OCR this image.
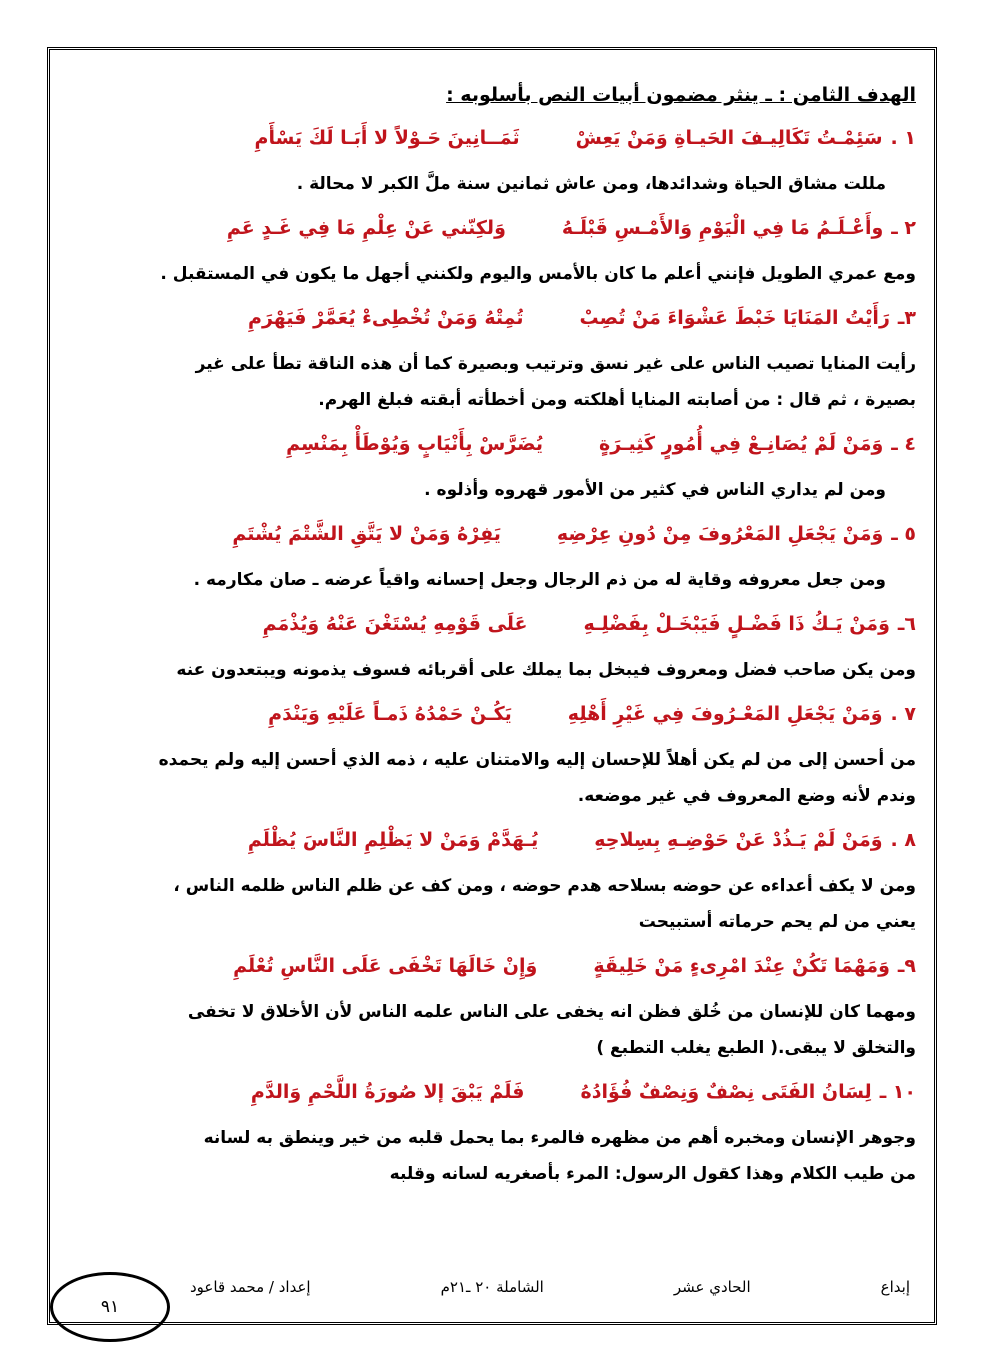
الهدف الثامن : ـ ينثر مضمون أبيات النص بأسلوبه :
١ .
سَئِمْـتُ تَكَالِيـفَ الحَيـاةِ وَمَنْ يَعِشْ
ثَمَــانِينَ حَـوْلاً لا أَبَـا لَكَ يَسْأَمِ
مللت مشاق الحياة وشدائدها، ومن عاش ثمانين سنة ملَّ الكبر لا محالة .
٢ ـ
وأَعْـلَـمُ مَا فِي الْيَوْمِ وَالأَمْـسِ قَبْلَـهُ
وَلكِنّني عَنْ عِلْمِ مَا فِي غَـدٍ عَمِ
ومع عمري الطويل فإنني أعلم ما كان بالأمس واليوم ولكنني أجهل ما يكون في المستقبل .
٣ـ
رَأَيْتُ المَنَايَا خَبْطَ عَشْوَاءَ مَنْ تُصِبْ
تُمِتْهُ وَمَنْ تُخْطِىءْ يُعَمَّرْ فَيَهْرَمِ
رأيت المنايا تصيب الناس على غير نسق وترتيب وبصيرة كما أن هذه الناقة تطأ على غير
بصيرة ، ثم قال : من أصابته المنايا أهلكته ومن أخطأته أبقته فبلغ الهرم.
٤ ـ
وَمَنْ لَمْ يُصَانِـعْ فِي أُمُورٍ كَثِيـرَةٍ
يُضَرَّسْ بِأَنْيَابٍ وَيُوْطَأْ بِمَنْسِمِ
ومن لم يداري الناس في كثير من الأمور قهروه وأذلوه .
٥ ـ
وَمَنْ يَجْعَلِ المَعْرُوفَ مِنْ دُونِ عِرْضِهِ
يَفِرْهُ وَمَنْ لا يَتَّقِ الشَّتْمَ يُشْتَمِ
ومن جعل معروفه وقاية له من ذم الرجال وجعل إحسانه واقياً عرضه ـ صان مكارمه .
٦ـ
وَمَنْ يَـكُ ذَا فَضْـلٍ فَيَبْخَـلْ بِفَضْلِـهِ
عَلَى قَوْمِهِ يُسْتَغْنَ عَنْهُ وَيُذْمَمِ
ومن يكن صاحب فضل ومعروف فيبخل بما يملك على أقربائه فسوف يذمونه ويبتعدون عنه
٧ .
وَمَنْ يَجْعَلِ المَعْـرُوفَ فِي غَيْرِ أَهْلِهِ
يَكُـنْ حَمْدُهُ ذَمـاً عَلَيْهِ وَيَنْدَمِ
من أحسن إلى من لم يكن أهلاً للإحسان إليه والامتنان عليه ، ذمه الذي أحسن إليه ولم يحمده
وندم لأنه وضع المعروف في غير موضعه.
٨ .
وَمَنْ لَمْ يَـذُدْ عَنْ حَوْضِـهِ بِسِلاحِهِ
يُـهَدَّمْ وَمَنْ لا يَظْلِمِ النَّاسَ يُظْلَمِ
ومن لا يكف أعداءه عن حوضه بسلاحه هدم حوضه ، ومن كف عن ظلم الناس ظلمه الناس ،
يعني من لم يحم حرماته أستبيحت
٩ـ
وَمَهْمَا تَكُنْ عِنْدَ امْرِىءٍ مَنْ خَلِيقَةٍ
وَإِنْ خَالَهَا تَخْفَى عَلَى النَّاسِ تُعْلَمِ
ومهما كان للإنسان من خُلق فظن انه يخفى على الناس علمه الناس لأن الأخلاق لا تخفى
والتخلق لا يبقى.( الطبع يغلب التطبع )
١٠ ـ
لِسَانُ الفَتَى نِصْفٌ وَنِصْفٌ فُؤَادُهُ
فَلَمْ يَبْقَ إلا صُورَةُ اللَّحْمِ وَالدَّمِ
وجوهر الإنسان ومخبره أهم من مظهره فالمرء بما يحمل قلبه من خير وينطق به لسانه
من طيب الكلام وهذا كقول الرسول: المرء بأصغريه لسانه وقلبه
إبداع
الحادي عشر
الشاملة ٢٠ ـ٢١م
إعداد / محمد قاعود
٩١
